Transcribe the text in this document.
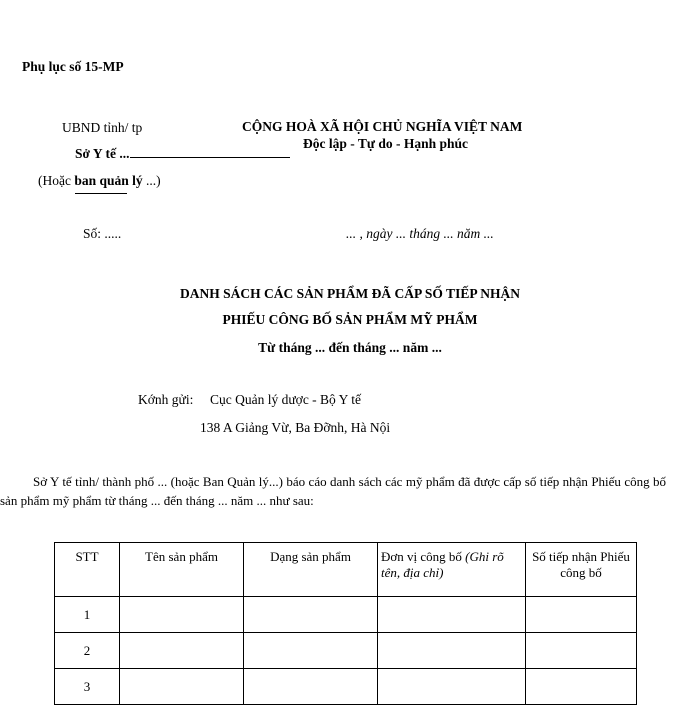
Phụ lục số 15-MP
UBND tỉnh/ tp
Sở Y tế ...
(Hoặc ban quản lý ...)
CỘNG HOÀ XÃ HỘI CHỦ NGHĨA VIỆT NAM
Độc lập - Tự do - Hạnh phúc
Số: .....	... , ngày ... tháng ... năm ...
DANH SÁCH CÁC SẢN PHẨM ĐÃ CẤP SỐ TIẾP NHẬN
PHIẾU CÔNG BỐ SẢN PHẨM MỸ PHẨM
Từ tháng ... đến tháng ... năm ...
Kớnh gửi: Cục Quản lý dược - Bộ Y tế
138 A Giảng Vừ, Ba Đỡnh, Hà Nội
Sở Y tế tỉnh/ thành phố ... (hoặc Ban Quản lý...) báo cáo danh sách các mỹ phẩm đã được cấp số tiếp nhận Phiếu công bố sản phẩm mỹ phẩm từ tháng ... đến tháng ... năm ... như sau:
STT	Tên sản phẩm	Dạng sản phẩm	Đơn vị công bố (Ghi rõ tên, địa chỉ)	Số tiếp nhận Phiếu công bố
1				
2				
3				
